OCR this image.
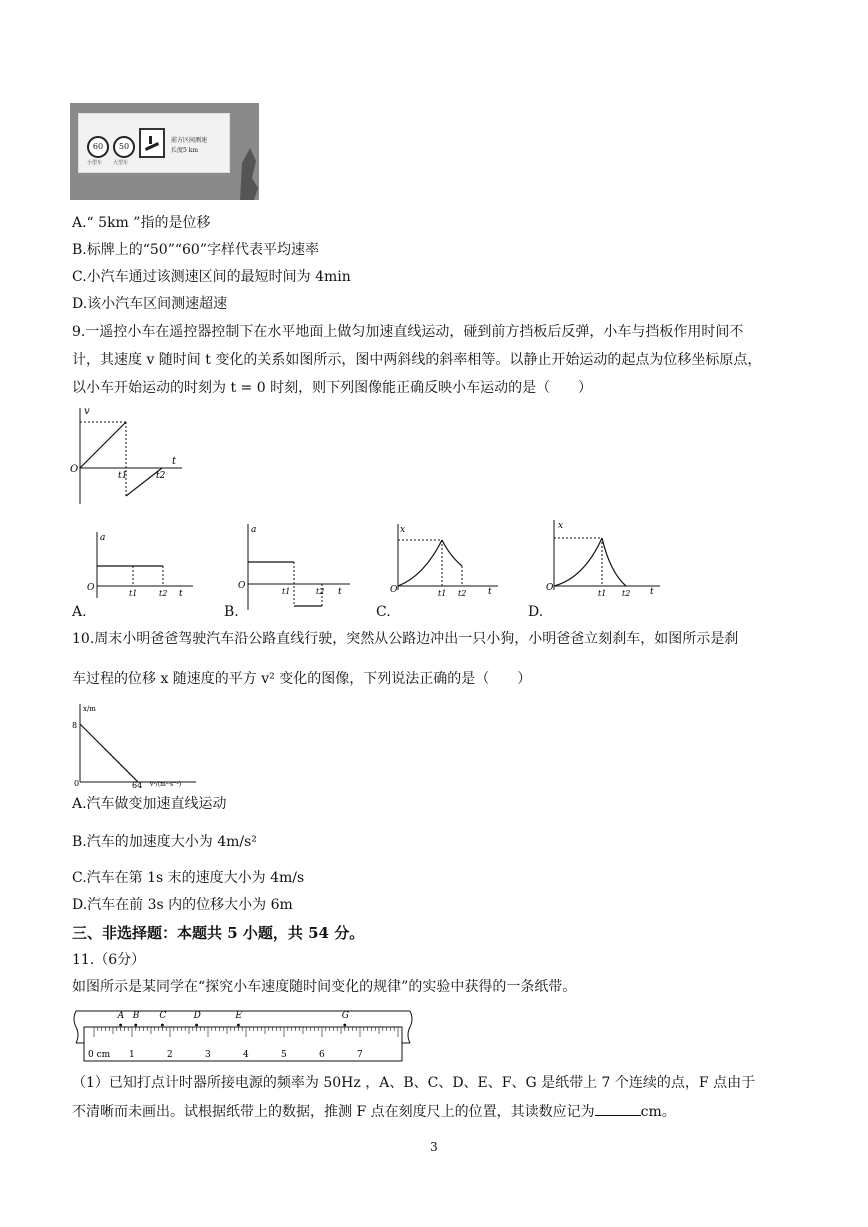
60
小型车
50
大型车
前方区间测速
长度5 km
A.“ 5km ”指的是位移
B.标牌上的“50”“60”字样代表平均速率
C.小汽车通过该测速区间的最短时间为 4min
D.该小汽车区间测速超速
9.一遥控小车在遥控器控制下在水平地面上做匀加速直线运动，碰到前方挡板后反弹，小车与挡板作用时间不
计，其速度 v 随时间 t 变化的关系如图所示，图中两斜线的斜率相等。以静止开始运动的起点为位移坐标原点，
以小车开始运动的时刻为 t = 0 时刻，则下列图像能正确反映小车运动的是（　　）
v
O
t1	t2
t
a
O
t1	t2 t
A.
a
O
t1	t2 t
B.
x
O	t1 t2 t
C.
x
O
t1 t2 t
D.
10.周末小明爸爸驾驶汽车沿公路直线行驶，突然从公路边冲出一只小狗，小明爸爸立刻刹车，如图所示是刹
车过程的位移 x 随速度的平方 v² 变化的图像，下列说法正确的是（　　）
x/m
8
0	64 v²/(m²·s⁻²)
A.汽车做变加速直线运动
B.汽车的加速度大小为 4m/s²
C.汽车在第 1s 末的速度大小为 4m/s
D.汽车在前 3s 内的位移大小为 6m
三、非选择题：本题共 5 小题，共 54 分。
11.（6分）
如图所示是某同学在“探究小车速度随时间变化的规律”的实验中获得的一条纸带。
0 cm 1	2	3	4	5	6	7
A B C	D	E	G
（1）已知打点计时器所接电源的频率为 50Hz ，A、B、C、D、E、F、G 是纸带上 7 个连续的点，F 点由于
不清晰而未画出。试根据纸带上的数据，推测 F 点在刻度尺上的位置，其读数应记为	cm。
3
